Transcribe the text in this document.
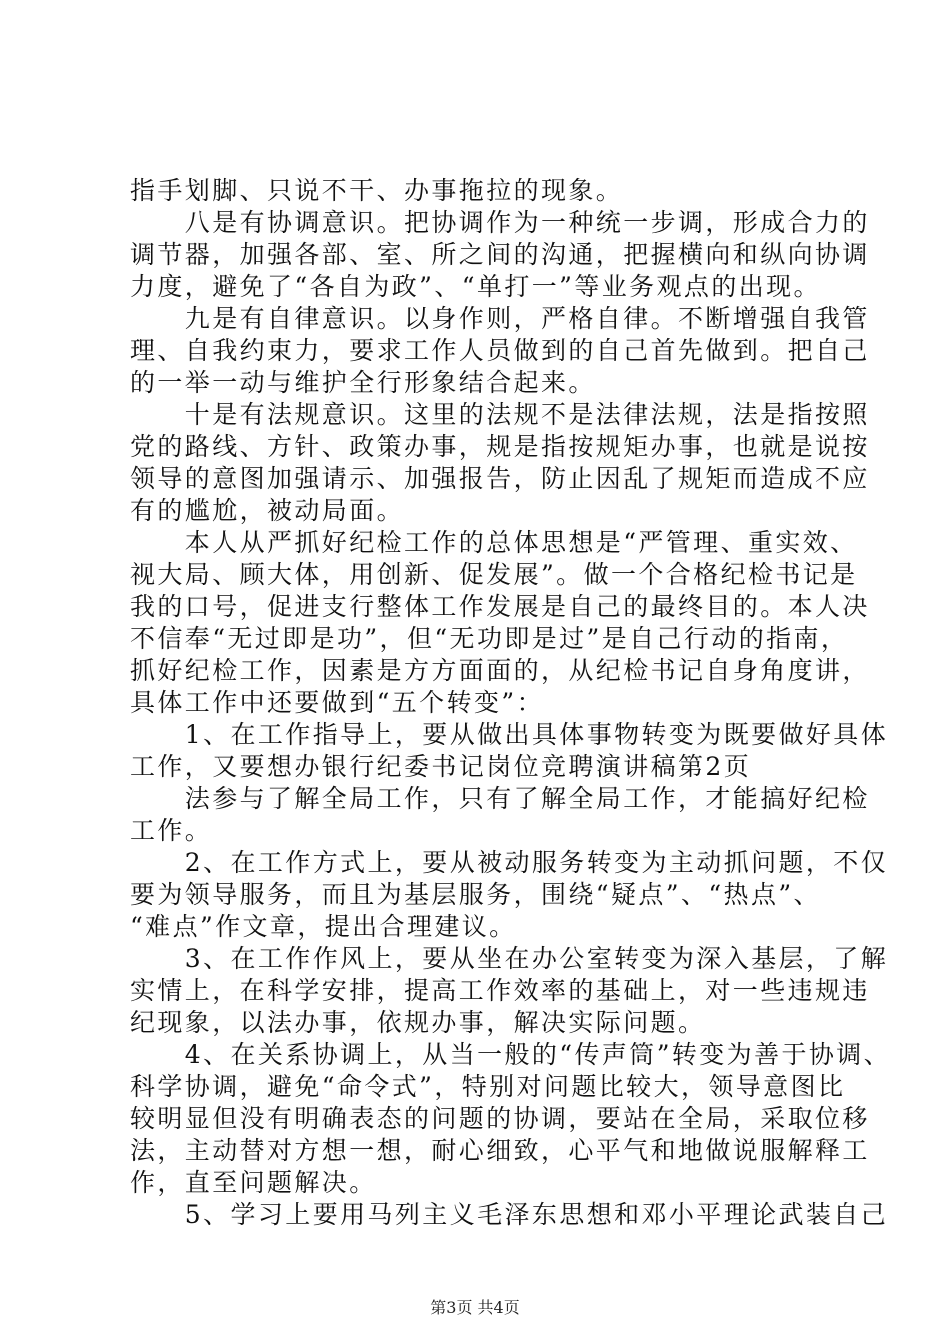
指手划脚、只说不干、办事拖拉的现象。
　　八是有协调意识。把协调作为一种统一步调，形成合力的
调节器，加强各部、室、所之间的沟通，把握横向和纵向协调
力度，避免了“各自为政”、“单打一”等业务观点的出现。
　　九是有自律意识。以身作则，严格自律。不断增强自我管
理、自我约束力，要求工作人员做到的自己首先做到。把自己
的一举一动与维护全行形象结合起来。
　　十是有法规意识。这里的法规不是法律法规，法是指按照
党的路线、方针、政策办事，规是指按规矩办事，也就是说按
领导的意图加强请示、加强报告，防止因乱了规矩而造成不应
有的尴尬，被动局面。
　　本人从严抓好纪检工作的总体思想是“严管理、重实效、
视大局、顾大体，用创新、促发展”。做一个合格纪检书记是
我的口号，促进支行整体工作发展是自己的最终目的。本人决
不信奉“无过即是功”，但“无功即是过”是自己行动的指南，
抓好纪检工作，因素是方方面面的，从纪检书记自身角度讲，
具体工作中还要做到“五个转变”：
　　1、在工作指导上，要从做出具体事物转变为既要做好具体
工作，又要想办银行纪委书记岗位竞聘演讲稿第2页
　　法参与了解全局工作，只有了解全局工作，才能搞好纪检
工作。
　　2、在工作方式上，要从被动服务转变为主动抓问题，不仅
要为领导服务，而且为基层服务，围绕“疑点”、“热点”、
“难点”作文章，提出合理建议。
　　3、在工作作风上，要从坐在办公室转变为深入基层，了解
实情上，在科学安排，提高工作效率的基础上，对一些违规违
纪现象，以法办事，依规办事，解决实际问题。
　　4、在关系协调上，从当一般的“传声筒”转变为善于协调、
科学协调，避免“命令式”，特别对问题比较大，领导意图比
较明显但没有明确表态的问题的协调，要站在全局，采取位移
法，主动替对方想一想，耐心细致，心平气和地做说服解释工
作，直至问题解决。
　　5、学习上要用马列主义毛泽东思想和邓小平理论武装自己
第3页 共4页
